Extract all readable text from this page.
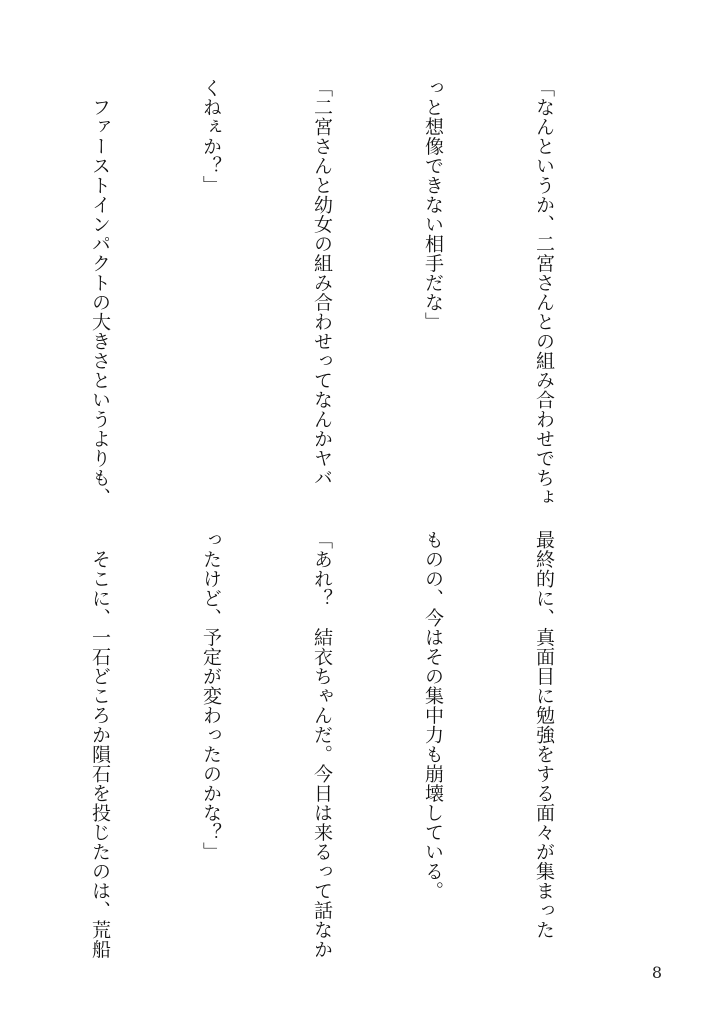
「なんというか、二宮さんとの組み合わせでちょ

っと想像できない相手だな」

「二宮さんと幼女の組み合わせってなんかヤバ

くねぇか？」

　ファーストインパクトの大きさというよりも、

最終的に、真面目に勉強をする面々が集まった

ものの、今はその集中力も崩壊している。

「あれ？　結衣ちゃんだ。今日は来るって話なか

ったけど、予定が変わったのかな？」

　そこに、一石どころか隕石を投じたのは、荒船

8
